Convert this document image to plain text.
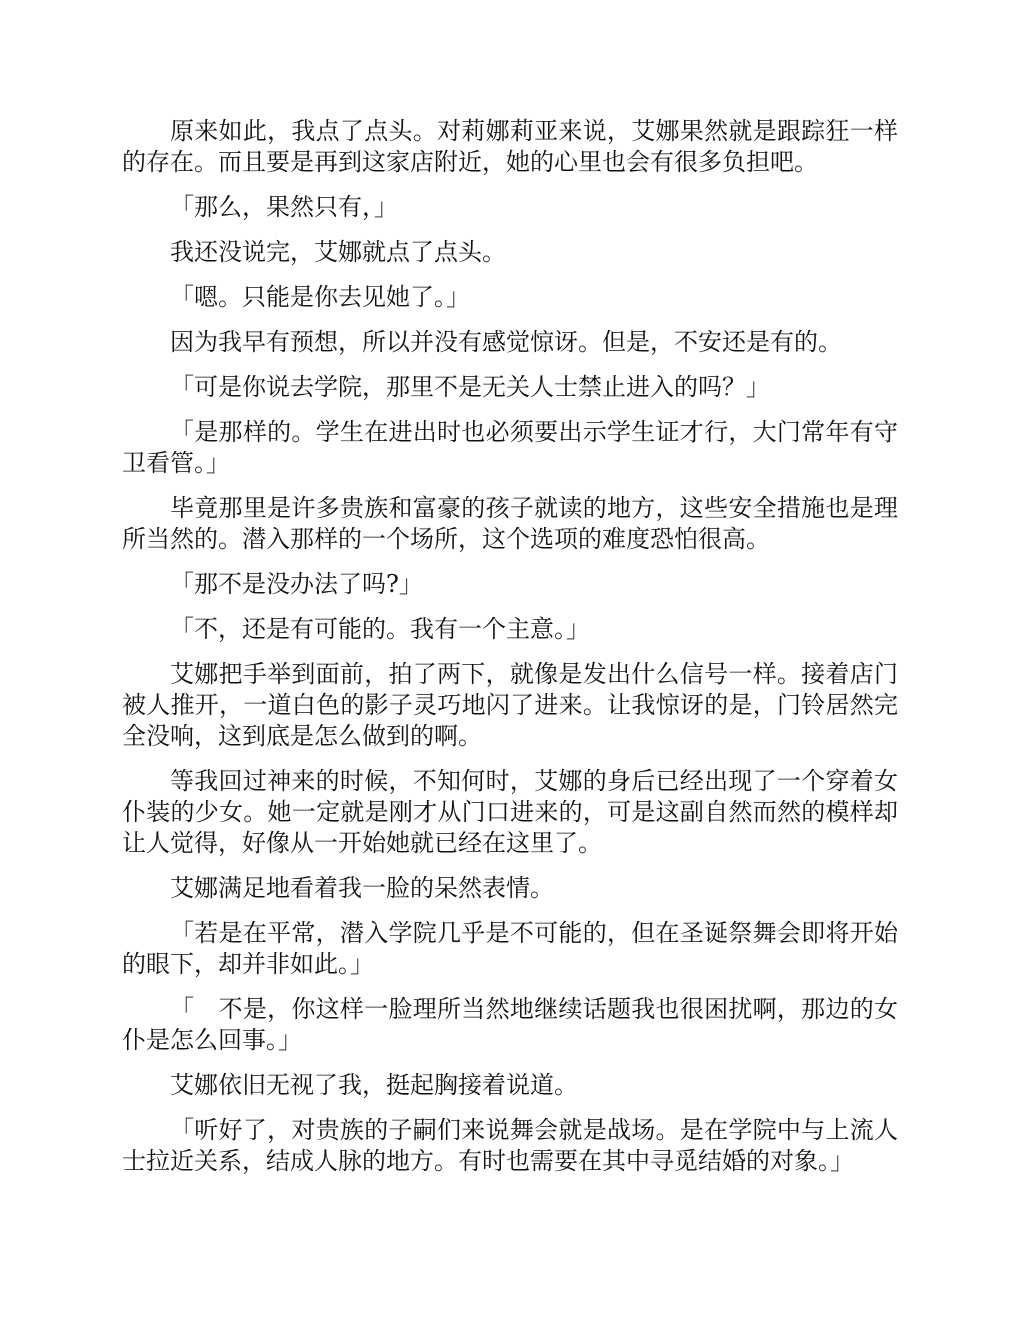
原来如此，我点了点头。对莉娜莉亚来说，艾娜果然就是跟踪狂一样的存在。而且要是再到这家店附近，她的心里也会有很多负担吧。

「那么，果然只有，」

我还没说完，艾娜就点了点头。

「嗯。只能是你去见她了。」

因为我早有预想，所以并没有感觉惊讶。但是，不安还是有的。

「可是你说去学院，那里不是无关人士禁止进入的吗？」

「是那样的。学生在进出时也必须要出示学生证才行，大门常年有守卫看管。」

毕竟那里是许多贵族和富豪的孩子就读的地方，这些安全措施也是理所当然的。潜入那样的一个场所，这个选项的难度恐怕很高。

「那不是没办法了吗?」

「不，还是有可能的。我有一个主意。」

艾娜把手举到面前，拍了两下，就像是发出什么信号一样。接着店门被人推开，一道白色的影子灵巧地闪了进来。让我惊讶的是，门铃居然完全没响，这到底是怎么做到的啊。

等我回过神来的时候，不知何时，艾娜的身后已经出现了一个穿着女仆装的少女。她一定就是刚才从门口进来的，可是这副自然而然的模样却让人觉得，好像从一开始她就已经在这里了。

艾娜满足地看着我一脸的呆然表情。

「若是在平常，潜入学院几乎是不可能的，但在圣诞祭舞会即将开始的眼下，却并非如此。」

「　不是，你这样一脸理所当然地继续话题我也很困扰啊，那边的女仆是怎么回事。」

艾娜依旧无视了我，挺起胸接着说道。

「听好了，对贵族的子嗣们来说舞会就是战场。是在学院中与上流人士拉近关系，结成人脉的地方。有时也需要在其中寻觅结婚的对象。」
